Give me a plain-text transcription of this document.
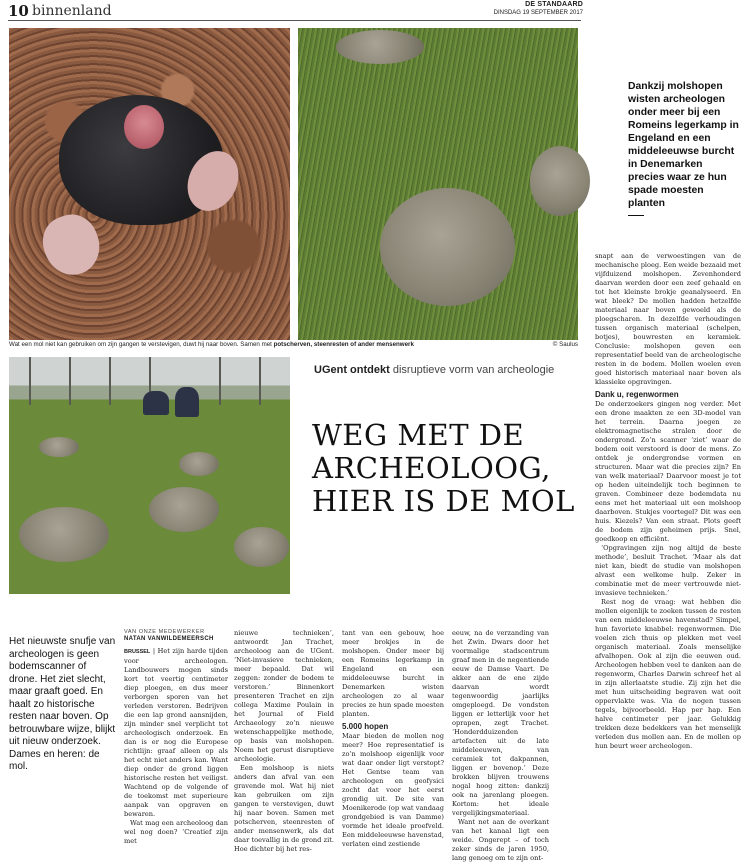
10 binnenland	DE STANDAARD
DINSDAG 19 SEPTEMBER 2017
Wat een mol niet kan gebruiken om zijn gangen te verstevigen, duwt hij naar boven. Samen met potscherven, steenresten of ander mensenwerk	© Saulus
Dankzij molshopen wisten archeologen onder meer bij een Romeins legerkamp in Engeland en een middeleeuwse burcht in Denemarken precies waar ze hun spade moesten planten
UGent ontdekt disruptieve vorm van archeologie
WEG MET DE
ARCHEOLOOG,
HIER IS DE MOL
Het nieuwste snufje van archeologen is geen bodemscanner of drone. Het ziet slecht, maar graaft goed. En haalt zo historische resten naar boven. Op betrouwbare wijze, blijkt uit nieuw onderzoek. Dames en heren: de mol.
VAN ONZE MEDEWERKER
NATAN VANWILDEMEERSCH

BRUSSEL | Het zijn harde tijden voor archeologen. Landbouwers mogen sinds kort tot veertig centimeter diep ploegen, en dus meer verborgen sporen van het verleden verstoren. Bedrijven die een lap grond aansnijden, zijn minder snel verplicht tot archeologisch onderzoek. En dan is er nog die Europese richtlijn: graaf alleen op als het echt niet anders kan. Want diep onder de grond liggen historische resten het veiligst. Wachtend op de volgende of de toekomst met superieure aanpak van opgraven en bewaren.

Wat mag een archeoloog dan wel nog doen? ‘Creatief zijn met

nieuwe technieken’, antwoordt Jan Trachet, archeoloog aan de UGent. ‘Niet-invasieve technieken, meer bepaald. Dat wil zeggen: zonder de bodem te verstoren.’ Binnenkort presenteren Trachet en zijn collega Maxime Poulain in het Journal of Field Archaeology zo’n nieuwe wetenschappelijke methode, op basis van molshopen. Noem het gerust disruptieve archeologie.

Een molshoop is niets anders dan afval van een gravende mol. Wat hij niet kan gebruiken om zijn gangen te verstevigen, duwt hij naar boven. Samen met potscherven, steenresten of ander mensenwerk, als dat daar toevallig in de grond zit. Hoe dichter bij het res-

tant van een gebouw, hoe meer brokjes in de molshopen. Onder meer bij een Romeins legerkamp in Engeland en een middeleeuwse burcht in Denemarken wisten archeologen zo al waar precies ze hun spade moesten planten.

5.000 hopen

Maar bieden de mollen nog meer? Hoe representatief is zo’n molshoop eigenlijk voor wat daar onder ligt verstopt? Het Gentse team van archeologen en geofysici zocht dat voor het eerst grondig uit. De site van Moenikerode (op wat vandaag grondgebied is van Damme) vormde het ideale proefveld. Een middeleeuwse havenstad, verlaten eind zestiende

eeuw, na de verzanding van het Zwin. Dwars door het voormalige stadscentrum graaf men in de negentiende eeuw de Damse Vaart. De akker aan de ene zijde daarvan wordt tegenwoordig jaarlijks omgeploegd. De vondsten liggen er letterlijk voor het oprapen, zegt Trachet. ‘Honderdduizenden artefacten uit de late middeleeuwen, van ceramiek tot dakpannen, liggen er bovenop.’ Deze brokken blijven trouwens nogal hoog zitten: dankzij ook na jarenlang ploegen. Kortom: het ideale vergelijkingsmateriaal.

Want net aan de overkant van het kanaal ligt een weide. Ongerept – of toch zeker sinds de jaren 1950, lang genoeg om te zijn ont-

snapt aan de verwoestingen van de mechanische ploeg. Een weide bezaaid met vijfduizend molshopen. Zevenhonderd daarvan werden door een zeef gehaald en tot het kleinste brokje geanalyseerd. En wat bleek? De mollen hadden hetzelfde materiaal naar boven gewoeld als de ploegscharen. In dezelfde verhoudingen tussen organisch materiaal (schelpen, botjes), bouwresten en keramiek. Conclusie: molshopen geven een representatief beeld van de archeologische resten in de bodem. Mollen woelen even goed historisch materiaal naar boven als klassieke opgravingen.

Dank u, regenwormen

De onderzoekers gingen nog verder. Met een drone maakten ze een 3D-model van het terrein. Daarna joegen ze elektromagnetische stralen door de ondergrond. Zo’n scanner ‘ziet’ waar de bodem ooit verstoord is door de mens. Zo ontdek je ondergrondse vormen en structuren. Maar wat die precies zijn? En van welk materiaal? Daarvoor moest je tot op heden uiteindelijk toch beginnen te graven. Combineer deze bodemdata nu eens met het materiaal uit een molshoop daarboven. Stukjes voortegel? Dit was een huis. Kiezels? Van een straat. Plots geeft de bodem zijn geheimen prijs. Snel, goedkoop en efficiënt.

‘Opgravingen zijn nog altijd de beste methode’, besluit Trachet. ‘Maar als dat niet kan, biedt de studie van molshopen alvast een welkome hulp. Zeker in combinatie met de meer vertrouwde niet-invasieve technieken.’

Rest nog de vraag: wat hebben die mollen eigenlijk te zoeken tussen de resten van een middeleeuwse havenstad? Simpel, hun favoriete knabbel: regenwormen. Die voelen zich thuis op plekken met veel organisch materiaal. Zoals menselijke afvalhopen. Ook al zijn die eeuwen oud. Archeologen hebben veel te danken aan de regenworm, Charles Darwin schreef het al in zijn allerlaatste studie. Zij zijn het die met hun uitscheiding begraven wat ooit oppervlakte was. Via de nogen tussen tegels, bijvoorbeeld. Hap per hap. Een halve centimeter per jaar. Gelukkig trekken deze bedekkers van het menselijk verleden dus mollen aan. En de mollen op hun beurt weer archeologen.
